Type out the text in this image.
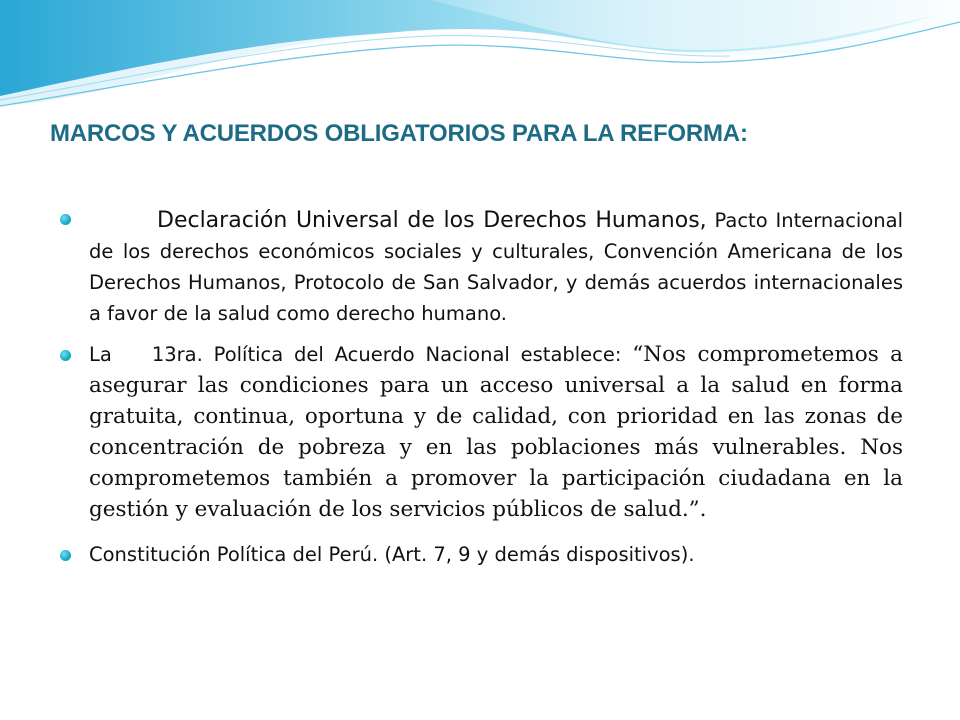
MARCOS Y ACUERDOS OBLIGATORIOS PARA LA REFORMA:
Declaración Universal de los Derechos Humanos, Pacto Internacional de los derechos económicos sociales y culturales, Convención Americana de los Derechos Humanos, Protocolo de San Salvador, y demás acuerdos internacionales a favor de la salud como derecho humano.
La 13ra. Política del Acuerdo Nacional establece: “Nos comprometemos a asegurar las condiciones para un acceso universal a la salud en forma gratuita, continua, oportuna y de calidad, con prioridad en las zonas de concentración de pobreza y en las poblaciones más vulnerables. Nos comprometemos también a promover la participación ciudadana en la gestión y evaluación de los servicios públicos de salud.”.
Constitución Política del Perú. (Art. 7, 9 y demás dispositivos).
